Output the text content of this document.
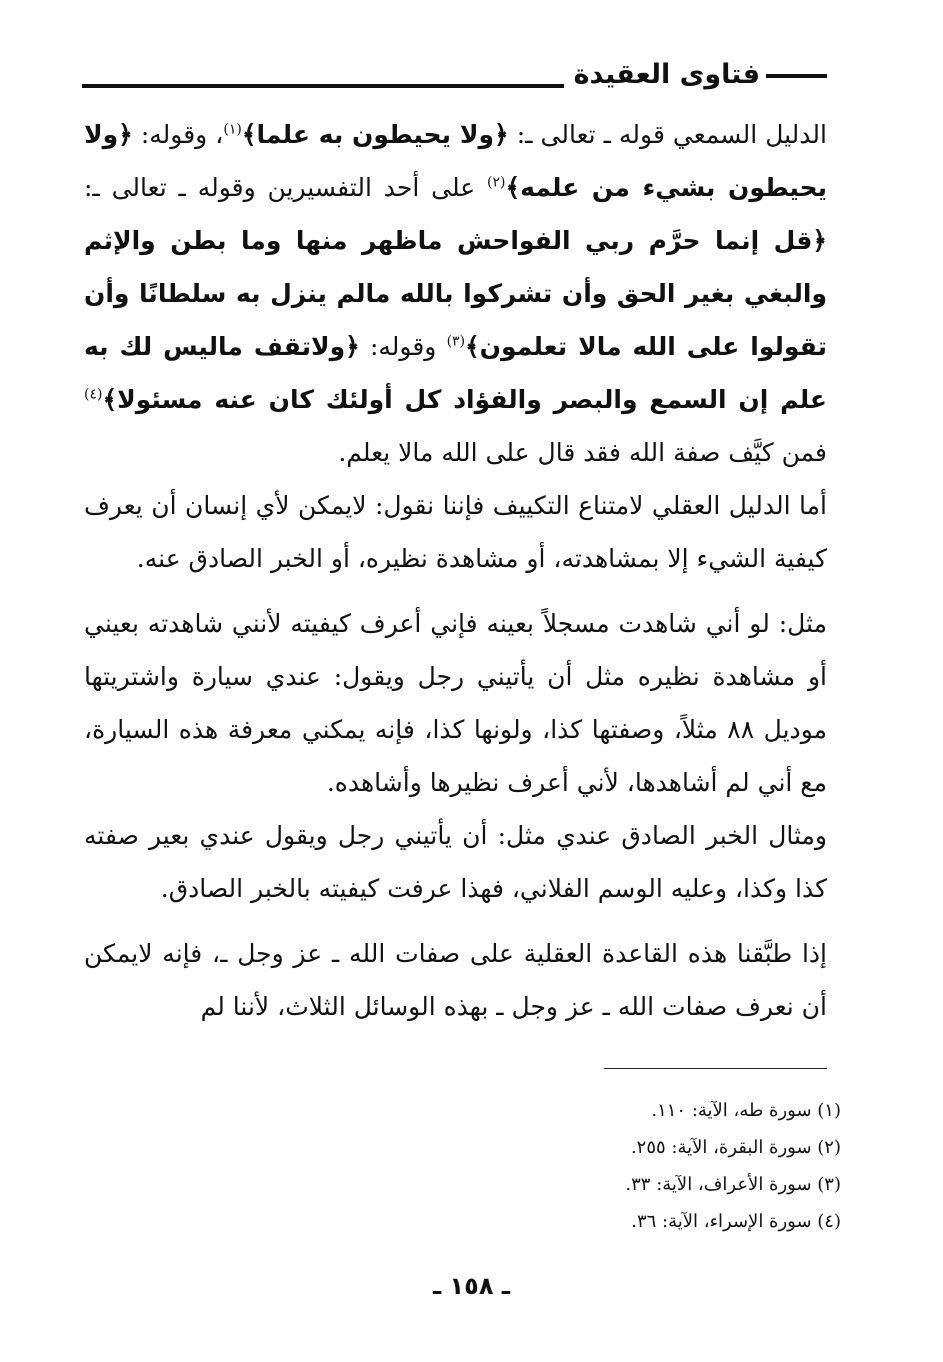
فتاوى العقيدة

الدليل السمعي قوله ـ تعالى ـ: ﴿ولا يحيطون به علما﴾$^{(١)}$، وقوله: ﴿ولا يحيطون بشيء من علمه﴾$^{(٢)}$ على أحد التفسيرين وقوله ـ تعالى ـ: ﴿قل إنما حرَّم ربي الفواحش ماظهر منها وما بطن والإثم والبغي بغير الحق وأن تشركوا بالله مالم ينزل به سلطانًا وأن تقولوا على الله مالا تعلمون﴾$^{(٣)}$ وقوله: ﴿ولاتقف ماليس لك به علم إن السمع والبصر والفؤاد كل أولئك كان عنه مسئولا﴾$^{(٤)}$ فمن كيَّف صفة الله فقد قال على الله مالا يعلم.

أما الدليل العقلي لامتناع التكييف فإننا نقول: لايمكن لأي إنسان أن يعرف كيفية الشيء إلا بمشاهدته، أو مشاهدة نظيره، أو الخبر الصادق عنه.

مثل: لو أني شاهدت مسجلاً بعينه فإني أعرف كيفيته لأنني شاهدته بعيني أو مشاهدة نظيره مثل أن يأتيني رجل ويقول: عندي سيارة واشتريتها موديل ٨٨ مثلاً، وصفتها كذا، ولونها كذا، فإنه يمكني معرفة هذه السيارة، مع أني لم أشاهدها، لأني أعرف نظيرها وأشاهده.

ومثال الخبر الصادق عندي مثل: أن يأتيني رجل ويقول عندي بعير صفته كذا وكذا، وعليه الوسم الفلاني، فهذا عرفت كيفيته بالخبر الصادق.

إذا طبَّقنا هذه القاعدة العقلية على صفات الله ـ عز وجل ـ، فإنه لايمكن أن نعرف صفات الله ـ عز وجل ـ بهذه الوسائل الثلاث، لأننا لم

(١) سورة طه، الآية: ١١٠.
(٢) سورة البقرة، الآية: ٢٥٥.
(٣) سورة الأعراف، الآية: ٣٣.
(٤) سورة الإسراء، الآية: ٣٦.
ـ ١٥٨ ـ
